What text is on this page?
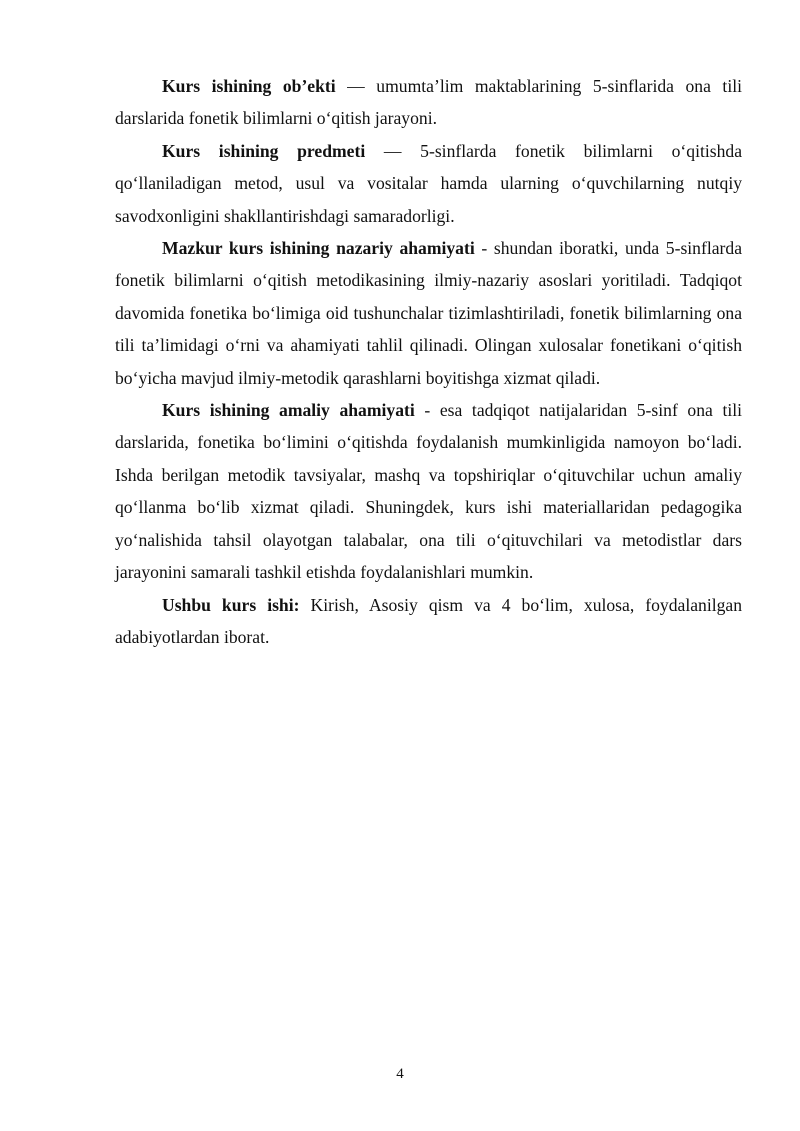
Kurs ishining ob’ekti — umumta’lim maktablarining 5-sinflarida ona tili darslarida fonetik bilimlarni o‘qitish jarayoni.

Kurs ishining predmeti — 5-sinflarda fonetik bilimlarni o‘qitishda qo‘llaniladigan metod, usul va vositalar hamda ularning o‘quvchilarning nutqiy savodxonligini shakllantirishdagi samaradorligi.

Mazkur kurs ishining nazariy ahamiyati - shundan iboratki, unda 5-sinflarda fonetik bilimlarni o‘qitish metodikasining ilmiy-nazariy asoslari yoritiladi. Tadqiqot davomida fonetika bo‘limiga oid tushunchalar tizimlashtiriladi, fonetik bilimlarning ona tili ta’limidagi o‘rni va ahamiyati tahlil qilinadi. Olingan xulosalar fonetikani o‘qitish bo‘yicha mavjud ilmiy-metodik qarashlarni boyitishga xizmat qiladi.

Kurs ishining amaliy ahamiyati - esa tadqiqot natijalaridan 5-sinf ona tili darslarida, fonetika bo‘limini o‘qitishda foydalanish mumkinligida namoyon bo‘ladi. Ishda berilgan metodik tavsiyalar, mashq va topshiriqlar o‘qituvchilar uchun amaliy qo‘llanma bo‘lib xizmat qiladi. Shuningdek, kurs ishi materiallaridan pedagogika yo‘nalishida tahsil olayotgan talabalar, ona tili o‘qituvchilari va metodistlar dars jarayonini samarali tashkil etishda foydalanishlari mumkin.

Ushbu kurs ishi: Kirish, Asosiy qism va 4 bo‘lim, xulosa, foydalanilgan adabiyotlardan iborat.

4
